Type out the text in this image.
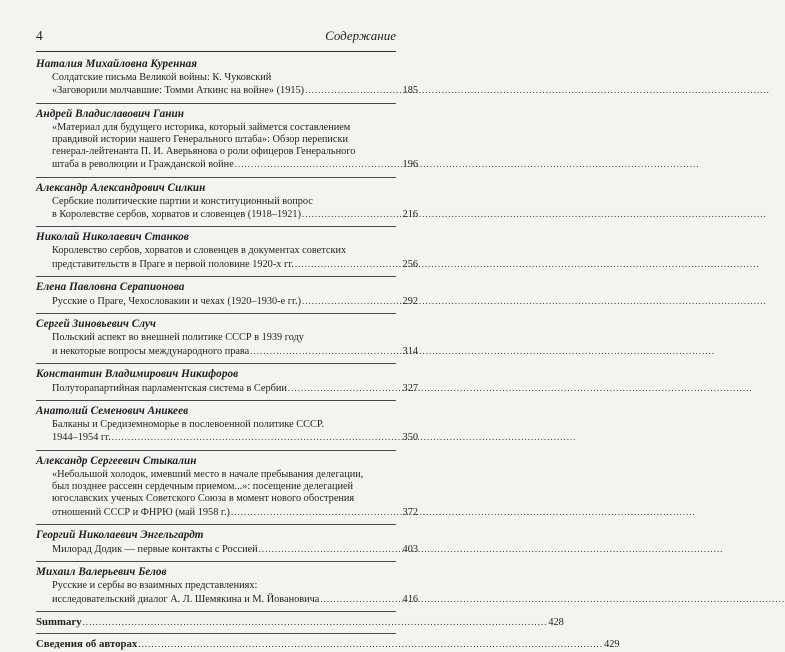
4	Содержание
Наталия Михайловна Куренная
Солдатские письма Великой войны: К. Чуковский
«Заговорили молчавшие: Томми Аткинс на войне» (1915) .....	185
Андрей Владиславович Ганин
«Материал для будущего историка, который займется составлением
правдивой истории нашего Генерального штаба»: Обзор переписки
генерал-лейтенанта П. И. Аверьянова о роли офицеров Генерального
штаба в революции и Гражданской войне .....	196
Александр Александрович Силкин
Сербские политические партии и конституционный вопрос
в Королевстве сербов, хорватов и словенцев (1918–1921) .....	216
Николай Николаевич Станков
Королевство сербов, хорватов и словенцев в документах советских
представительств в Праге в первой половине 1920-х гг. .....	256
Елена Павловна Серапионова
Русские о Праге, Чехословакии и чехах (1920–1930-е гг.) .....	292
Сергей Зиновьевич Случ
Польский аспект во внешней политике СССР в 1939 году
и некоторые вопросы международного права .....	314
Константин Владимирович Никифоров
Полуторапартийная парламентская система в Сербии .....	327
Анатолий Семенович Аникеев
Балканы и Средиземноморье в послевоенной политике СССР.
1944–1954 гг. .....	350
Александр Сергеевич Стыкалин
«Небольшой холодок, имевший место в начале пребывания делегации,
был позднее рассеян сердечным приемом...»: посещение делегацией
югославских ученых Советского Союза в момент нового обострения
отношений СССР и ФНРЮ (май 1958 г.) .....	372
Георгий Николаевич Энгельгардт
Милорад Додик — первые контакты с Россией .....	403
Михаил Валерьевич Белов
Русские и сербы во взаимных представлениях:
исследовательский диалог А. Л. Шемякина и М. Йовановича .....	416
Summary .....	428
Сведения об авторах .....	429
